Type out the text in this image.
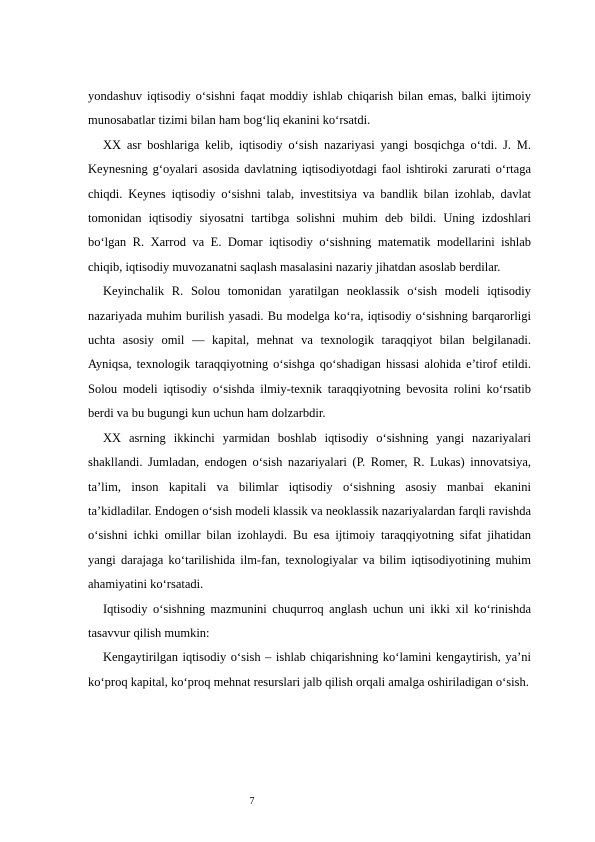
yondashuv iqtisodiy o‘sishni faqat moddiy ishlab chiqarish bilan emas, balki ijtimoiy munosabatlar tizimi bilan ham bog‘liq ekanini ko‘rsatdi.

XX asr boshlariga kelib, iqtisodiy o‘sish nazariyasi yangi bosqichga o‘tdi. J. M. Keynesning g‘oyalari asosida davlatning iqtisodiyotdagi faol ishtiroki zarurati o‘rtaga chiqdi. Keynes iqtisodiy o‘sishni talab, investitsiya va bandlik bilan izohlab, davlat tomonidan iqtisodiy siyosatni tartibga solishni muhim deb bildi. Uning izdoshlari bo‘lgan R. Xarrod va E. Domar iqtisodiy o‘sishning matematik modellarini ishlab chiqib, iqtisodiy muvozanatni saqlash masalasini nazariy jihatdan asoslab berdilar.

Keyinchalik R. Solou tomonidan yaratilgan neoklassik o‘sish modeli iqtisodiy nazariyada muhim burilish yasadi. Bu modelga ko‘ra, iqtisodiy o‘sishning barqarorligi uchta asosiy omil — kapital, mehnat va texnologik taraqqiyot bilan belgilanadi. Ayniqsa, texnologik taraqqiyotning o‘sishga qo‘shadigan hissasi alohida e’tirof etildi. Solou modeli iqtisodiy o‘sishda ilmiy-texnik taraqqiyotning bevosita rolini ko‘rsatib berdi va bu bugungi kun uchun ham dolzarbdir.

XX asrning ikkinchi yarmidan boshlab iqtisodiy o‘sishning yangi nazariyalari shakllandi. Jumladan, endogen o‘sish nazariyalari (P. Romer, R. Lukas) innovatsiya, ta’lim, inson kapitali va bilimlar iqtisodiy o‘sishning asosiy manbai ekanini ta’kidladilar. Endogen o‘sish modeli klassik va neoklassik nazariyalardan farqli ravishda o‘sishni ichki omillar bilan izohlaydi. Bu esa ijtimoiy taraqqiyotning sifat jihatidan yangi darajaga ko‘tarilishida ilm-fan, texnologiyalar va bilim iqtisodiyotining muhim ahamiyatini ko‘rsatadi.

Iqtisodiy o‘sishning mazmunini chuqurroq anglash uchun uni ikki xil ko‘rinishda tasavvur qilish mumkin:

Kengaytirilgan iqtisodiy o‘sish – ishlab chiqarishning ko‘lamini kengaytirish, ya’ni ko‘proq kapital, ko‘proq mehnat resurslari jalb qilish orqali amalga oshiriladigan o‘sish.

7
